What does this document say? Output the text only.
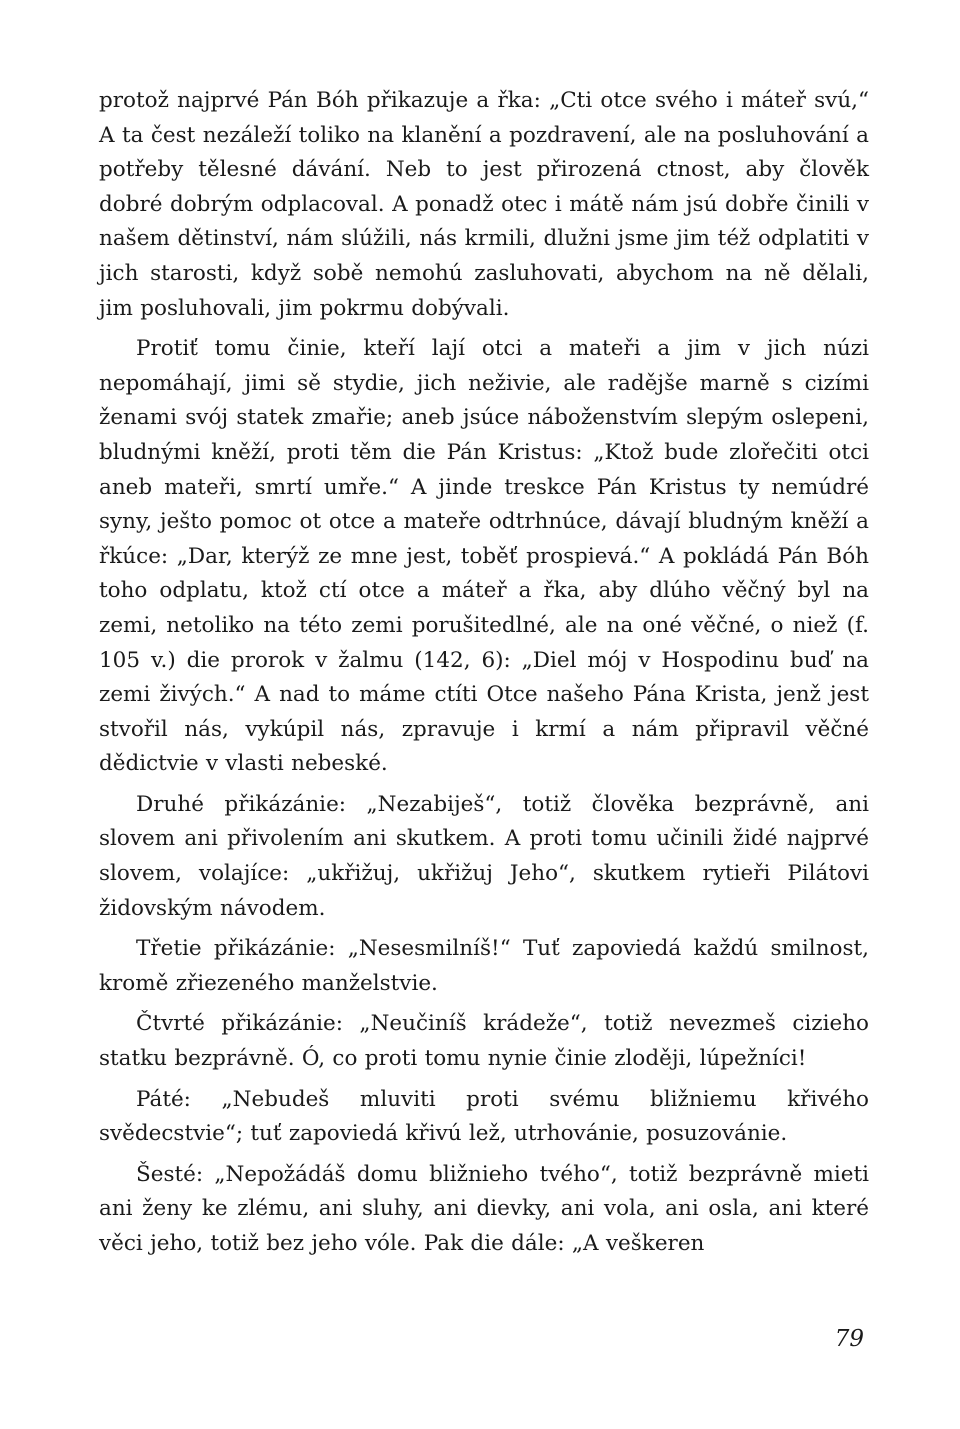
protož najprvé Pán Bóh přikazuje a řka: „Cti otce svého i máteř svú,“ A ta čest nezáleží toliko na klanění a pozdravení, ale na posluhování a potřeby tělesné dávání. Neb to jest přirozená ctnost, aby člověk dobré dobrým odplacoval. A ponadž otec i mátě nám jsú dobře činili v našem dětinství, nám slúžili, nás krmili, dlužni jsme jim též odplatiti v jich starosti, když sobě nemohú zasluhovati, abychom na ně dělali, jim posluhovali, jim pokrmu dobývali.

Protiť tomu činie, kteří lají otci a mateři a jim v jich núzi nepomáhají, jimi sě stydie, jich neživie, ale radějše marně s cizími ženami svój statek zmařie; aneb jsúce náboženstvím slepým oslepeni, bludnými kněží, proti těm die Pán Kristus: „Ktož bude zlořečiti otci aneb mateři, smrtí umře.“ A jinde treskce Pán Kristus ty nemúdré syny, ješto pomoc ot otce a mateře odtrhnúce, dávají bludným kněží a řkúce: „Dar, kterýž ze mne jest, toběť prospievá.“ A pokládá Pán Bóh toho odplatu, ktož ctí otce a máteř a řka, aby dlúho věčný byl na zemi, netoliko na této zemi porušitedlné, ale na oné věčné, o niež (f. 105 v.) die prorok v žalmu (142, 6): „Diel mój v Hospodinu buď na zemi živých.“ A nad to máme ctíti Otce našeho Pána Krista, jenž jest stvořil nás, vykúpil nás, zpravuje i krmí a nám připravil věčné dědictvie v vlasti nebeské.

Druhé přikázánie: „Nezabiješ“, totiž člověka bezprávně, ani slovem ani přivolením ani skutkem. A proti tomu učinili židé najprvé slovem, volajíce: „ukřižuj, ukřižuj Jeho“, skutkem rytieři Pilátovi židovským návodem.

Třetie přikázánie: „Nesesmilníš!“ Tuť zapoviedá každú smilnost, kromě zřiezeného manželstvie.

Čtvrté přikázánie: „Neučiníš krádeže“, totiž nevezmeš cizieho statku bezprávně. Ó, co proti tomu nynie činie zloději, lúpežníci!

Páté: „Nebudeš mluviti proti svému bližniemu křivého svědecstvie“; tuť zapoviedá křivú lež, utrhovánie, posuzovánie.

Šesté: „Nepožádáš domu bližnieho tvého“, totiž bezprávně mieti ani ženy ke zlému, ani sluhy, ani dievky, ani vola, ani osla, ani které věci jeho, totiž bez jeho vóle. Pak die dále: „A veškeren

79
